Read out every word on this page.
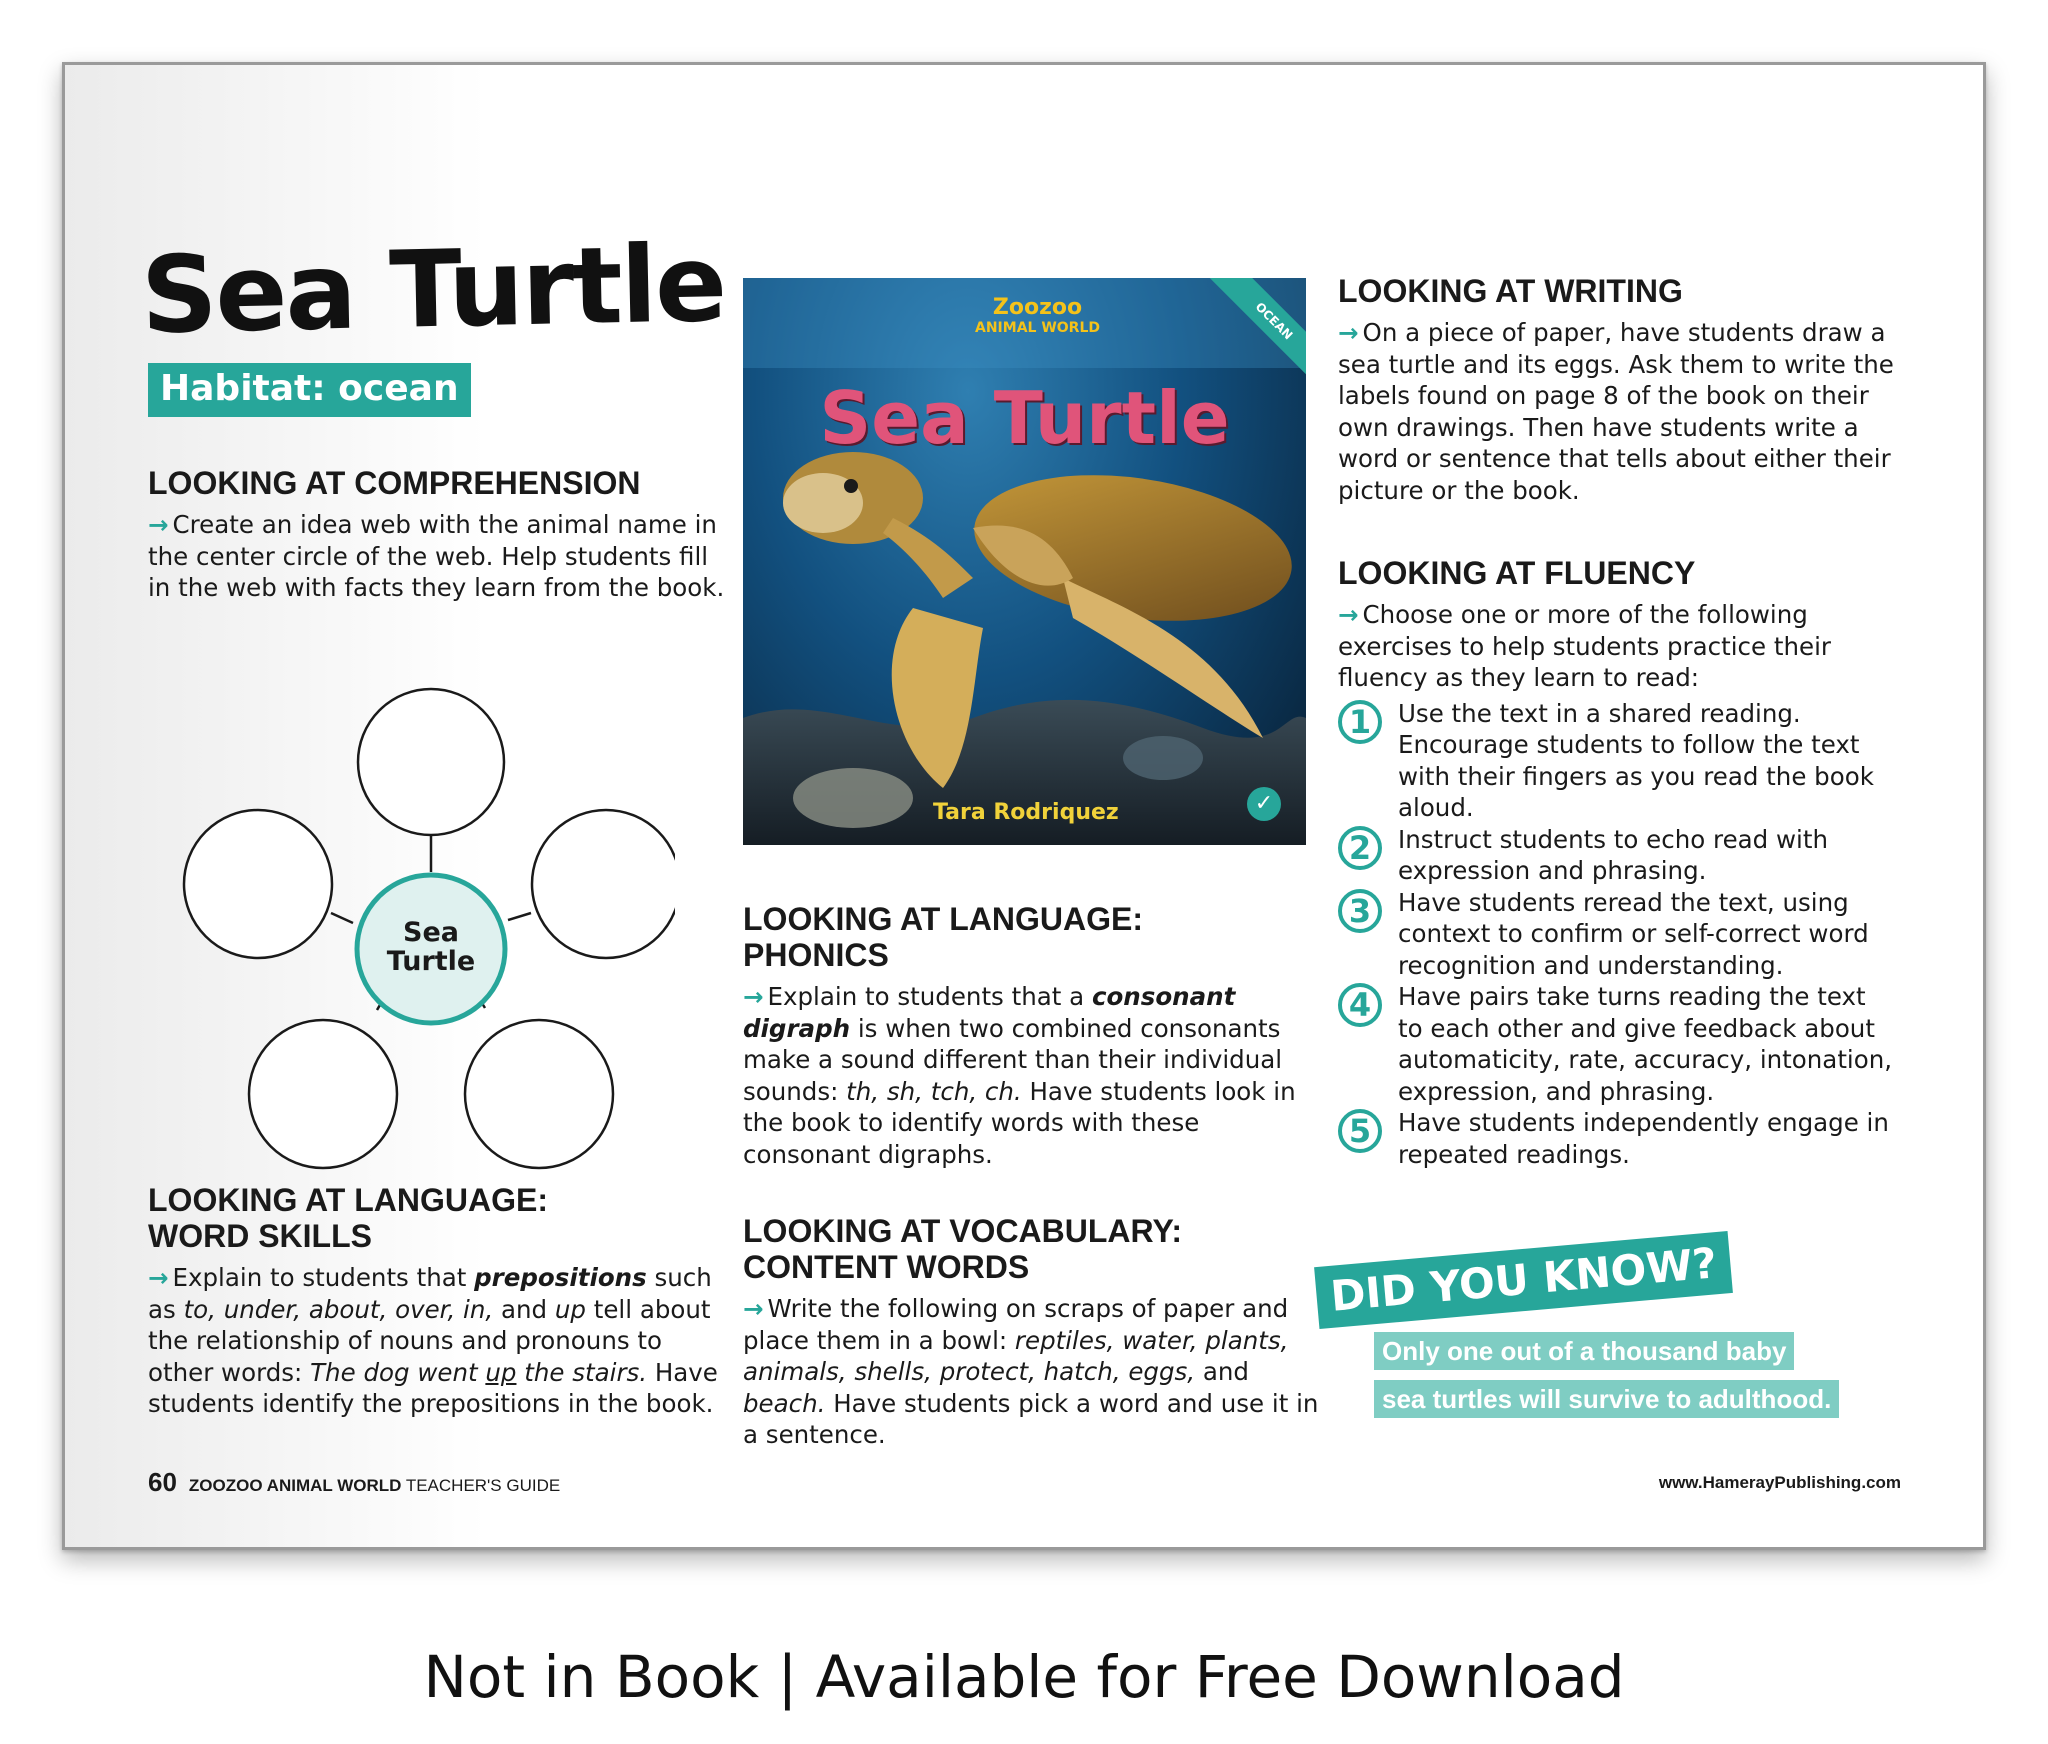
Sea Turtle
Habitat: ocean
LOOKING AT COMPREHENSION
→ Create an idea web with the animal name in the center circle of the web. Help students fill in the web with facts they learn from the book.
Sea
Turtle
LOOKING AT LANGUAGE:
WORD SKILLS
→ Explain to students that prepositions such as to, under, about, over, in, and up tell about the relationship of nouns and pronouns to other words: The dog went up the stairs. Have students identify the prepositions in the book.
Zoozoo
ANIMAL WORLD	OCEAN
Sea Turtle
Tara Rodriquez	✓
LOOKING AT LANGUAGE:
PHONICS
→ Explain to students that a consonant digraph is when two combined consonants make a sound different than their individual sounds: th, sh, tch, ch. Have students look in the book to identify words with these consonant digraphs.
LOOKING AT VOCABULARY:
CONTENT WORDS
→ Write the following on scraps of paper and place them in a bowl: reptiles, water, plants, animals, shells, protect, hatch, eggs, and beach. Have students pick a word and use it in a sentence.
LOOKING AT WRITING
→ On a piece of paper, have students draw a sea turtle and its eggs. Ask them to write the labels found on page 8 of the book on their own drawings. Then have students write a word or sentence that tells about either their picture or the book.
LOOKING AT FLUENCY
→ Choose one or more of the following exercises to help students practice their fluency as they learn to read:
1	Use the text in a shared reading.
Encourage students to follow the text with their fingers as you read the book aloud.
2	Instruct students to echo read with
expression and phrasing.
3	Have students reread the text, using
context to confirm or self-correct word recognition and understanding.
4	Have pairs take turns reading the text
to each other and give feedback about automaticity, rate, accuracy, intonation, expression, and phrasing.
5	Have students independently engage in
repeated readings.
DID YOU KNOW?
Only one out of a thousand baby
sea turtles will survive to adulthood.
60 ZOOZOO ANIMAL WORLD TEACHER'S GUIDE	www.HamerayPublishing.com
Not in Book | Available for Free Download
